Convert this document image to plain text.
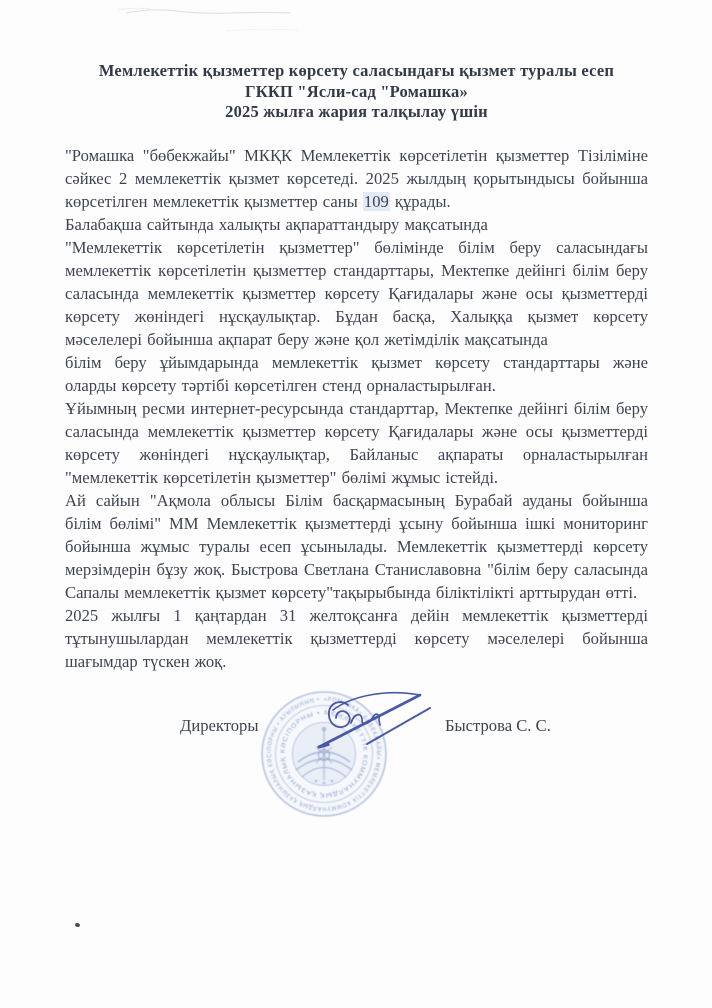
Мемлекеттік қызметтер көрсету саласындағы қызмет туралы есеп
ГККП "Ясли-сад "Ромашка»
2025 жылға жария талқылау үшін

"Ромашка "бөбекжайы" МКҚК Мемлекеттік көрсетілетін қызметтер Тізіліміне сәйкес 2 мемлекеттік қызмет көрсетеді. 2025 жылдың қорытындысы бойынша көрсетілген мемлекеттік қызметтер саны 109 құрады.

Балабақша сайтында халықты ақпараттандыру мақсатында

"Мемлекеттік көрсетілетін қызметтер" бөлімінде білім беру саласындағы мемлекеттік көрсетілетін қызметтер стандарттары, Мектепке дейінгі білім беру саласында мемлекеттік қызметтер көрсету Қағидалары және осы қызметтерді көрсету жөніндегі нұсқаулықтар. Бұдан басқа, Халыққа қызмет көрсету мәселелері бойынша ақпарат беру және қол жетімділік мақсатында

білім беру ұйымдарында мемлекеттік қызмет көрсету стандарттары және оларды көрсету тәртібі көрсетілген стенд орналастырылған.

Ұйымның ресми интернет-ресурсында стандарттар, Мектепке дейінгі білім беру саласында мемлекеттік қызметтер көрсету Қағидалары және осы қызметтерді көрсету жөніндегі нұсқаулықтар, Байланыс ақпараты орналастырылған "мемлекеттік көрсетілетін қызметтер" бөлімі жұмыс істейді.

Ай сайын "Ақмола облысы Білім басқармасының Бурабай ауданы бойынша білім бөлімі" ММ Мемлекеттік қызметтерді ұсыну бойынша ішкі мониторинг бойынша жұмыс туралы есеп ұсынылады. Мемлекеттік қызметтерді көрсету мерзімдерін бұзу жоқ. Быстрова Светлана Станиславовна "білім беру саласында Сапалы мемлекеттік қызмет көрсету"тақырыбында біліктілікті арттырудан өтті.

2025 жылғы 1 қаңтардан 31 желтоқсанға дейін мемлекеттік қызметтерді тұтынушылардан мемлекеттік қызметтерді көрсету мәселелері бойынша шағымдар түскен жоқ.

«РОМАШКА» БӨБЕКЖАЙЫ» МЕМЛЕКЕТТІК КОММУНАЛДЫҚ ҚАЗЫНАЛЫҚ КӘСІПОРНЫ • АУЫЛЫНЫҢ •
МЕМЛЕКЕТТІК КОММУНАЛДЫҚ ҚАЗЫНАЛЫҚ КӘСІПОРНЫ •
Директоры	Быстрова С. С.
